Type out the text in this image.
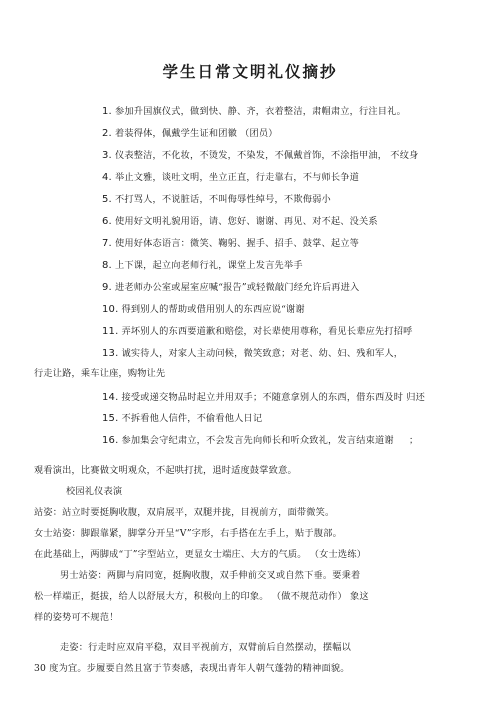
学生日常文明礼仪摘抄
1. 参加升国旗仪式，做到快、静、齐，衣着整洁，肃帽肃立，行注目礼。
2. 着装得体，佩戴学生证和团徽 （团员）
3. 仪表整洁，不化妆，不烫发，不染发，不佩戴首饰，不涂指甲油， 不纹身
4. 举止文雅，谈吐文明，坐立正直，行走靠右，不与师长争道
5. 不打骂人，不说脏话，不叫侮辱性绰号，不欺侮弱小
6. 使用好文明礼貌用语，请、您好、谢谢、再见、对不起、没关系
7. 使用好体态语言：微笑、鞠躬、握手、招手、鼓掌、起立等
8. 上下课，起立向老师行礼，课堂上发言先举手
9. 进老师办公室或屋室应喊“报告”或轻微敲门经允许后再进入
10. 得到别人的帮助或借用别人的东西应说“谢谢
11. 弄坏别人的东西要道歉和赔偿，对长辈使用尊称，看见长辈应先打招呼
13. 诚实待人，对家人主动问候，微笑致意；对老、幼、妇、残和军人，
行走让路，乘车让座，购物让先
14. 接受或递交物品时起立并用双手；不随意拿别人的东西，借东西及时 归还
15. 不拆看他人信件，不偷看他人日记
16. 参加集会守纪肃立，不会发言先向师长和听众致礼，发言结束道谢 ；
观看演出，比赛做文明观众，不起哄打扰，退时适度鼓掌致意。
校园礼仪表演
站姿：站立时要挺胸收腹，双肩展平，双腿并拢，目视前方，面带微笑。
女士站姿：脚跟靠紧，脚掌分开呈“V”字形，右手搭在左手上，贴于腹部。
在此基础上，两脚成“丁”字型站立，更显女士端庄、大方的气质。 （女士选练）
男士站姿：两脚与肩同宽，挺胸收腹，双手伸前交叉或自然下垂。要秉着
松一样端正，挺拔，给人以舒展大方，积极向上的印象。 （做不规范动作） 象这
样的姿势可不规范！
走姿：行走时应双肩平稳，双目平视前方，双臂前后自然摆动，摆幅以
30 度为宜。步履要自然且富于节奏感，表现出青年人朝气蓬勃的精神面貌。
